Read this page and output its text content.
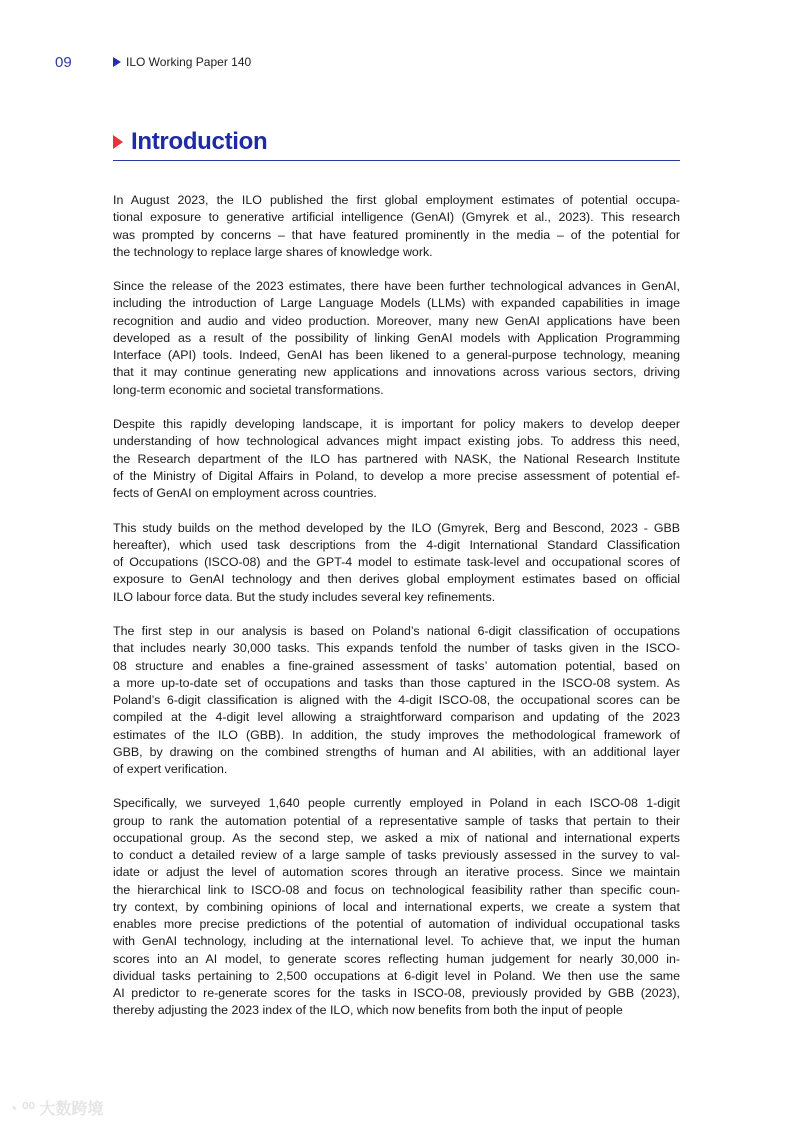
09	ILO Working Paper 140
Introduction
In August 2023, the ILO published the first global employment estimates of potential occupa-
tional exposure to generative artificial intelligence (GenAI) (Gmyrek et al., 2023). This research
was prompted by concerns – that have featured prominently in the media – of the potential for
the technology to replace large shares of knowledge work.
Since the release of the 2023 estimates, there have been further technological advances in GenAI,
including the introduction of Large Language Models (LLMs) with expanded capabilities in image
recognition and audio and video production. Moreover, many new GenAI applications have been
developed as a result of the possibility of linking GenAI models with Application Programming
Interface (API) tools. Indeed, GenAI has been likened to a general-purpose technology, meaning
that it may continue generating new applications and innovations across various sectors, driving
long-term economic and societal transformations.
Despite this rapidly developing landscape, it is important for policy makers to develop deeper
understanding of how technological advances might impact existing jobs. To address this need,
the Research department of the ILO has partnered with NASK, the National Research Institute
of the Ministry of Digital Affairs in Poland, to develop a more precise assessment of potential ef-
fects of GenAI on employment across countries.
This study builds on the method developed by the ILO (Gmyrek, Berg and Bescond, 2023 - GBB
hereafter), which used task descriptions from the 4-digit International Standard Classification
of Occupations (ISCO-08) and the GPT-4 model to estimate task-level and occupational scores of
exposure to GenAI technology and then derives global employment estimates based on official
ILO labour force data. But the study includes several key refinements.
The first step in our analysis is based on Poland’s national 6-digit classification of occupations
that includes nearly 30,000 tasks. This expands tenfold the number of tasks given in the ISCO-
08 structure and enables a fine-grained assessment of tasks’ automation potential, based on
a more up-to-date set of occupations and tasks than those captured in the ISCO-08 system. As
Poland’s 6-digit classification is aligned with the 4-digit ISCO-08, the occupational scores can be
compiled at the 4-digit level allowing a straightforward comparison and updating of the 2023
estimates of the ILO (GBB). In addition, the study improves the methodological framework of
GBB, by drawing on the combined strengths of human and AI abilities, with an additional layer
of expert verification.
Specifically, we surveyed 1,640 people currently employed in Poland in each ISCO-08 1-digit
group to rank the automation potential of a representative sample of tasks that pertain to their
occupational group. As the second step, we asked a mix of national and international experts
to conduct a detailed review of a large sample of tasks previously assessed in the survey to val-
idate or adjust the level of automation scores through an iterative process. Since we maintain
the hierarchical link to ISCO-08 and focus on technological feasibility rather than specific coun-
try context, by combining opinions of local and international experts, we create a system that
enables more precise predictions of the potential of automation of individual occupational tasks
with GenAI technology, including at the international level. To achieve that, we input the human
scores into an AI model, to generate scores reflecting human judgement for nearly 30,000 in-
dividual tasks pertaining to 2,500 occupations at 6-digit level in Poland. We then use the same
AI predictor to re-generate scores for the tasks in ISCO-08, previously provided by GBB (2023),
thereby adjusting the 2023 index of the ILO, which now benefits from both the input of people
◔ ⁰⁰ 大数跨境
